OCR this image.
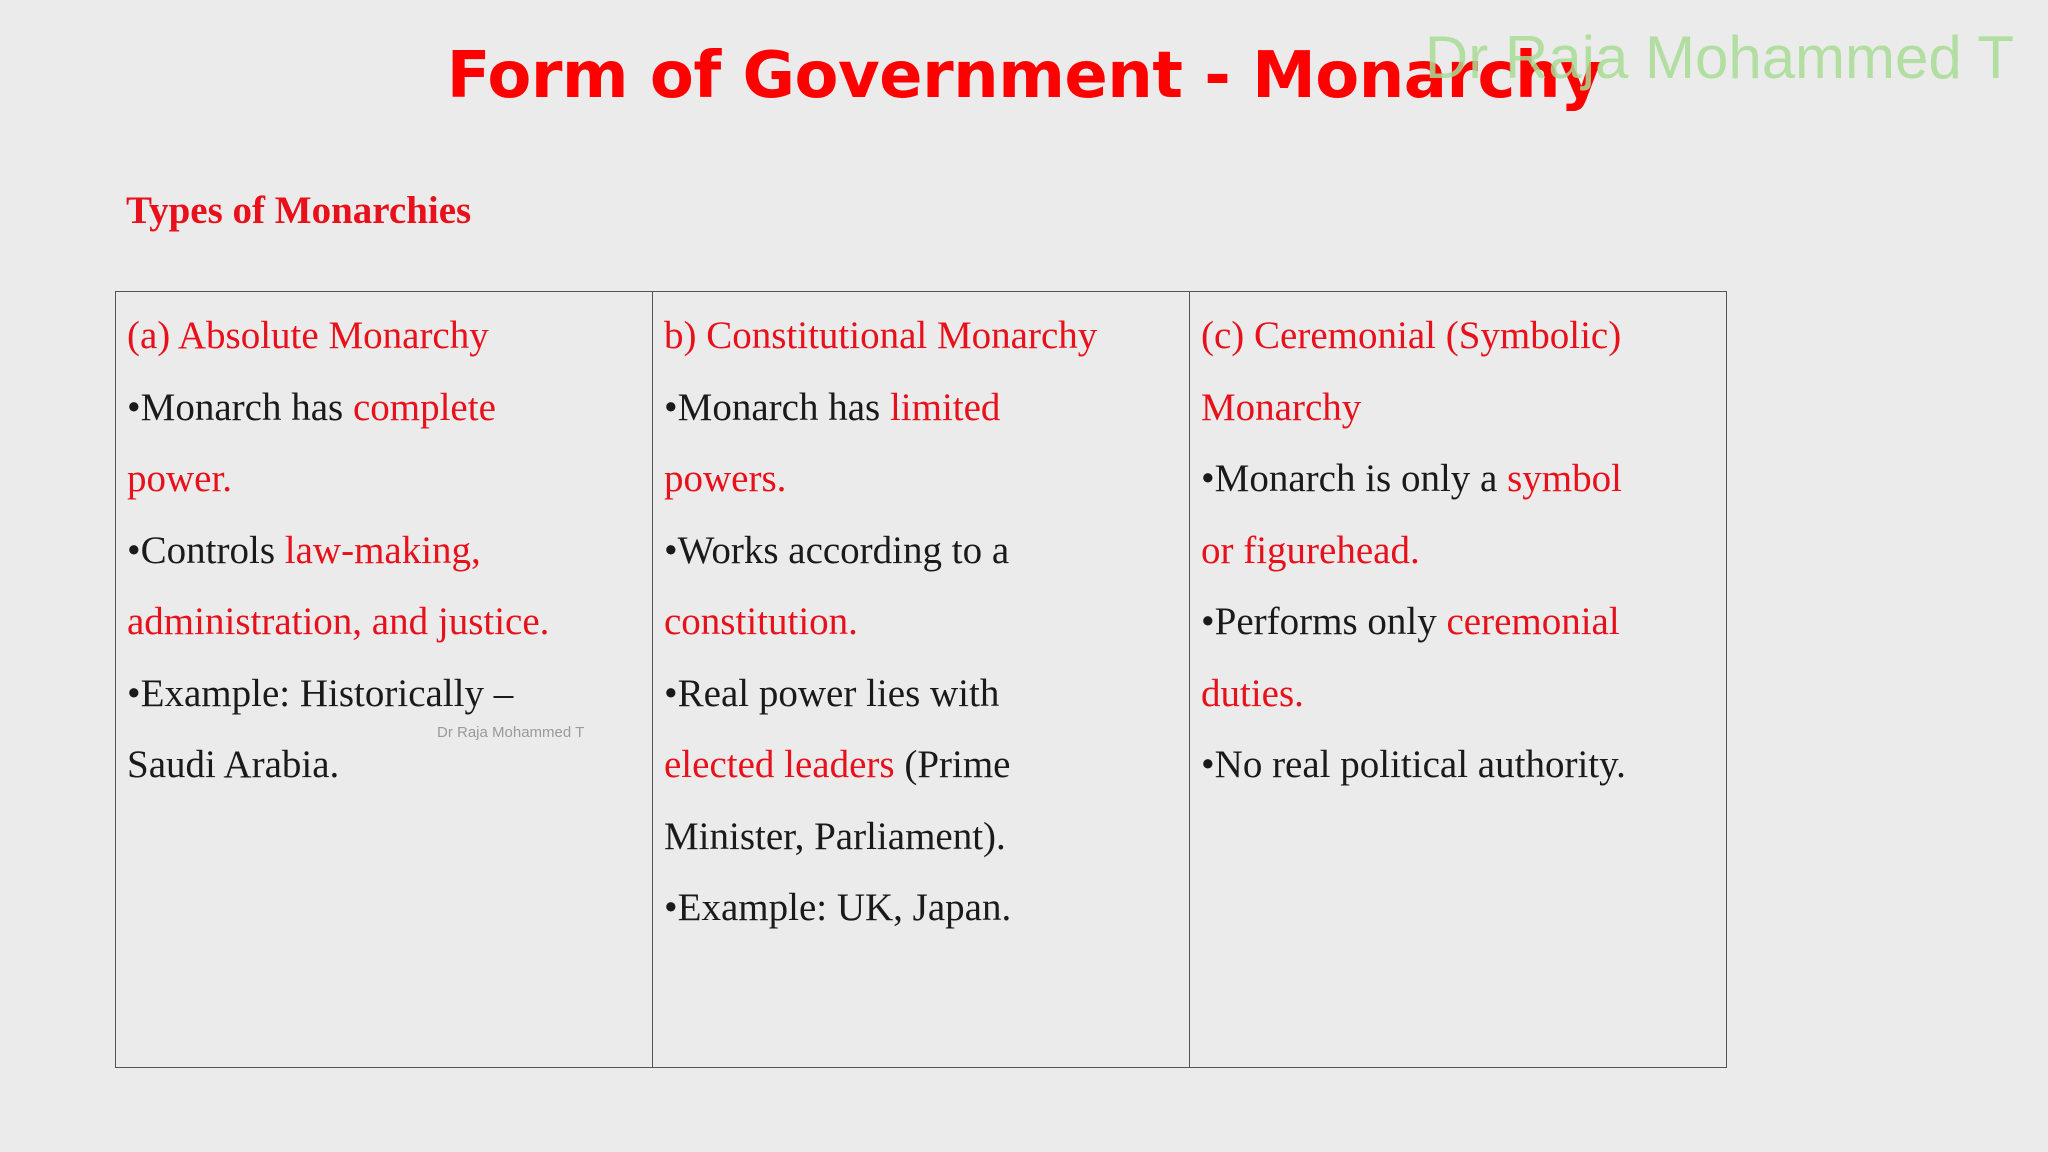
Form of Government - Monarchy
Dr Raja Mohammed T
Types of Monarchies

(a) Absolute Monarchy
•Monarch has complete
power.
•Controls law-making,
administration, and justice.
•Example: Historically –
Saudi Arabia.

Dr Raja Mohammed T

b) Constitutional Monarchy
•Monarch has limited
powers.
•Works according to a
constitution.
•Real power lies with
elected leaders (Prime
Minister, Parliament).
•Example: UK, Japan.

(c) Ceremonial (Symbolic)
Monarchy
•Monarch is only a symbol
or figurehead.
•Performs only ceremonial
duties.
•No real political authority.
